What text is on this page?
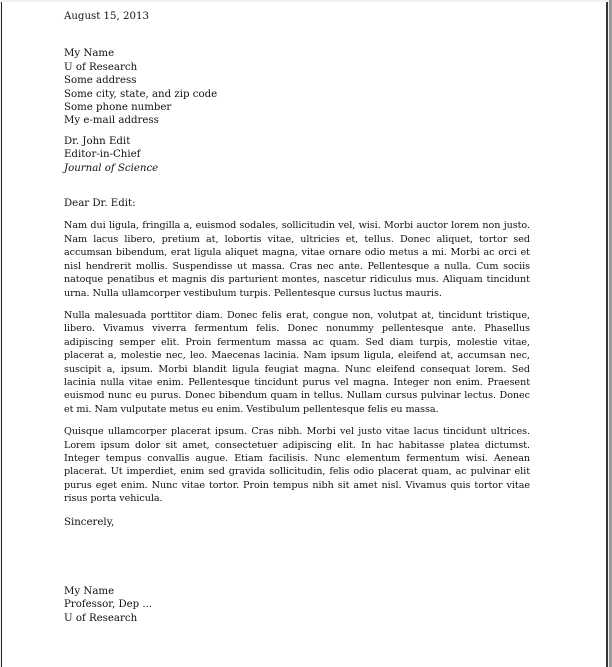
August 15, 2013
My Name
U of Research
Some address
Some city, state, and zip code
Some phone number
My e-mail address
Dr. John Edit
Editor-in-Chief
Journal of Science
Dear Dr. Edit:

Nam dui ligula, fringilla a, euismod sodales, sollicitudin vel, wisi. Morbi auctor lorem non justo. Nam lacus libero, pretium at, lobortis vitae, ultricies et, tellus. Donec aliquet, tortor sed accumsan bibendum, erat ligula aliquet magna, vitae ornare odio metus a mi. Morbi ac orci et nisl hendrerit mollis. Suspendisse ut massa. Cras nec ante. Pellentesque a nulla. Cum sociis natoque penatibus et magnis dis parturient montes, nascetur ridiculus mus. Aliquam tincidunt urna. Nulla ullamcorper vestibulum turpis. Pellentesque cursus luctus mauris.

Nulla malesuada porttitor diam. Donec felis erat, congue non, volutpat at, tincidunt tristique, libero. Vivamus viverra fermentum felis. Donec nonummy pellentesque ante. Phasellus adipiscing semper elit. Proin fermentum massa ac quam. Sed diam turpis, molestie vitae, placerat a, molestie nec, leo. Maecenas lacinia. Nam ipsum ligula, eleifend at, accumsan nec, suscipit a, ipsum. Morbi blandit ligula feugiat magna. Nunc eleifend consequat lorem. Sed lacinia nulla vitae enim. Pellentesque tincidunt purus vel magna. Integer non enim. Praesent euismod nunc eu purus. Donec bibendum quam in tellus. Nullam cursus pulvinar lectus. Donec et mi. Nam vulputate metus eu enim. Vestibulum pellentesque felis eu massa.

Quisque ullamcorper placerat ipsum. Cras nibh. Morbi vel justo vitae lacus tincidunt ultrices. Lorem ipsum dolor sit amet, consectetuer adipiscing elit. In hac habitasse platea dictumst. Integer tempus convallis augue. Etiam facilisis. Nunc elementum fermentum wisi. Aenean placerat. Ut imperdiet, enim sed gravida sollicitudin, felis odio placerat quam, ac pulvinar elit purus eget enim. Nunc vitae tortor. Proin tempus nibh sit amet nisl. Vivamus quis tortor vitae risus porta vehicula.

Sincerely,
My Name
Professor, Dep ...
U of Research
